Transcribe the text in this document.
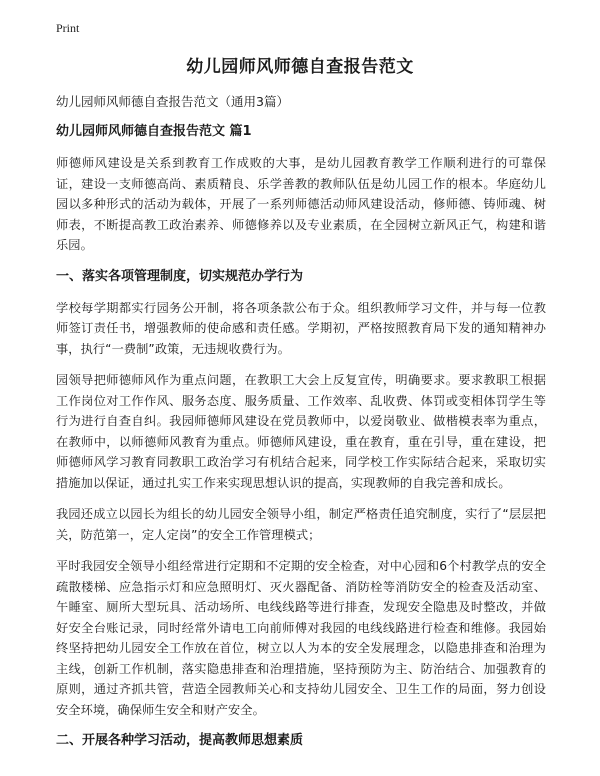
Print
幼儿园师风师德自查报告范文

幼儿园师风师德自查报告范文（通用3篇）

幼儿园师风师德自查报告范文 篇1

师德师风建设是关系到教育工作成败的大事，是幼儿园教育教学工作顺利进行的可靠保证，建设一支师德高尚、素质精良、乐学善教的教师队伍是幼儿园工作的根本。华庭幼儿园以多种形式的活动为载体，开展了一系列师德活动师风建设活动，修师德、铸师魂、树师表，不断提高教工政治素养、师德修养以及专业素质，在全园树立新风正气，构建和谐乐园。

一、落实各项管理制度，切实规范办学行为

学校每学期都实行园务公开制，将各项条款公布于众。组织教师学习文件，并与每一位教师签订责任书，增强教师的使命感和责任感。学期初，严格按照教育局下发的通知精神办事，执行“一费制”政策，无违规收费行为。

园领导把师德师风作为重点问题，在教职工大会上反复宣传，明确要求。要求教职工根据工作岗位对工作作风、服务态度、服务质量、工作效率、乱收费、体罚或变相体罚学生等行为进行自查自纠。我园师德师风建设在党员教师中，以爱岗敬业、做楷模表率为重点，在教师中，以师德师风教育为重点。师德师风建设，重在教育，重在引导，重在建设，把师德师风学习教育同教职工政治学习有机结合起来，同学校工作实际结合起来，采取切实措施加以保证，通过扎实工作来实现思想认识的提高，实现教师的自我完善和成长。

我园还成立以园长为组长的幼儿园安全领导小组，制定严格责任追究制度，实行了“层层把关，防范第一，定人定岗”的安全工作管理模式；

平时我园安全领导小组经常进行定期和不定期的安全检查，对中心园和6个村教学点的安全疏散楼梯、应急指示灯和应急照明灯、灭火器配备、消防栓等消防安全的检查及活动室、午睡室、厕所大型玩具、活动场所、电线线路等进行排查，发现安全隐患及时整改，并做好安全台账记录，同时经常外请电工向前师傅对我园的电线线路进行检查和维修。我园始终坚持把幼儿园安全工作放在首位，树立以人为本的安全发展理念，以隐患排查和治理为主线，创新工作机制，落实隐患排查和治理措施，坚持预防为主、防治结合、加强教育的原则，通过齐抓共管，营造全园教师关心和支持幼儿园安全、卫生工作的局面，努力创设安全环境，确保师生安全和财产安全。

二、开展各种学习活动，提高教师思想素质
